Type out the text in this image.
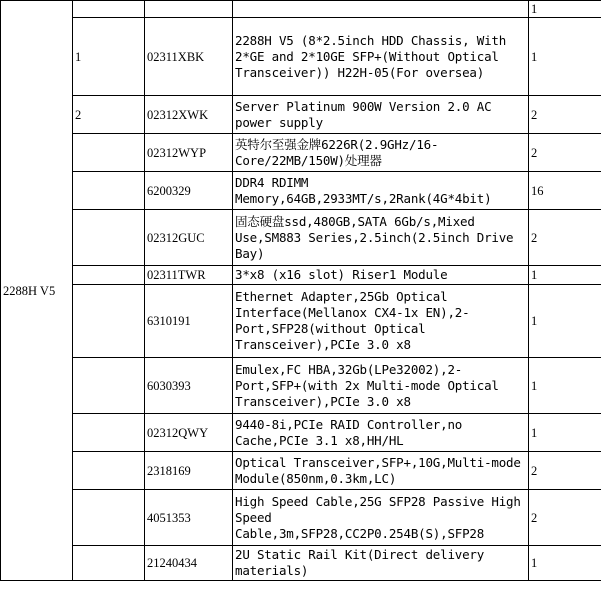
2288H V5				1
	1	02311XBK	2288H V5 (8*2.5inch HDD Chassis, With 2*GE and 2*10GE SFP+(Without Optical Transceiver)) H22H-05(For oversea)	1
	2	02312XWK	Server Platinum 900W Version 2.0 AC power supply	2
		02312WYP	英特尔至强金牌6226R(2.9GHz/16-Core/22MB/150W)处理器	2
		6200329	DDR4 RDIMM Memory,64GB,2933MT/s,2Rank(4G*4bit)	16
		02312GUC	固态硬盘ssd,480GB,SATA 6Gb/s,Mixed Use,SM883 Series,2.5inch(2.5inch Drive Bay)	2
		02311TWR	3*x8 (x16 slot) Riser1 Module	1
		6310191	Ethernet Adapter,25Gb Optical Interface(Mellanox CX4-1x EN),2-Port,SFP28(without Optical Transceiver),PCIe 3.0 x8	1
		6030393	Emulex,FC HBA,32Gb(LPe32002),2-Port,SFP+(with 2x Multi-mode Optical Transceiver),PCIe 3.0 x8	1
		02312QWY	9440-8i,PCIe RAID Controller,no Cache,PCIe 3.1 x8,HH/HL	1
		2318169	Optical Transceiver,SFP+,10G,Multi-mode Module(850nm,0.3km,LC)	2
		4051353	High Speed Cable,25G SFP28 Passive High Speed Cable,3m,SFP28,CC2P0.254B(S),SFP28	2
		21240434	2U Static Rail Kit(Direct delivery materials)	1
